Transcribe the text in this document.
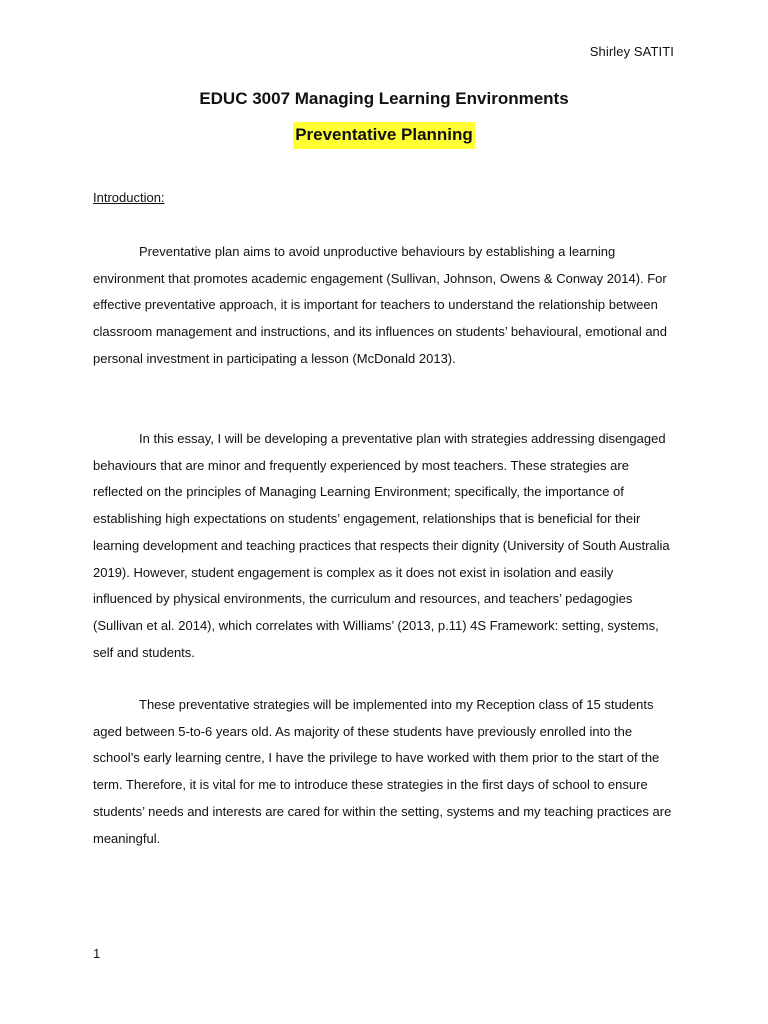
Shirley SATITI
EDUC 3007 Managing Learning Environments
Preventative Planning
Introduction:

Preventative plan aims to avoid unproductive behaviours by establishing a learning environment that promotes academic engagement (Sullivan, Johnson, Owens & Conway 2014). For effective preventative approach, it is important for teachers to understand the relationship between classroom management and instructions, and its influences on students’ behavioural, emotional and personal investment in participating a lesson (McDonald 2013).

In this essay, I will be developing a preventative plan with strategies addressing disengaged behaviours that are minor and frequently experienced by most teachers. These strategies are reflected on the principles of Managing Learning Environment; specifically, the importance of establishing high expectations on students’ engagement, relationships that is beneficial for their learning development and teaching practices that respects their dignity (University of South Australia 2019). However, student engagement is complex as it does not exist in isolation and easily influenced by physical environments, the curriculum and resources, and teachers’ pedagogies (Sullivan et al. 2014), which correlates with Williams’ (2013, p.11) 4S Framework: setting, systems, self and students.

These preventative strategies will be implemented into my Reception class of 15 students aged between 5-to-6 years old. As majority of these students have previously enrolled into the school’s early learning centre, I have the privilege to have worked with them prior to the start of the term. Therefore, it is vital for me to introduce these strategies in the first days of school to ensure students’ needs and interests are cared for within the setting, systems and my teaching practices are meaningful.

1
